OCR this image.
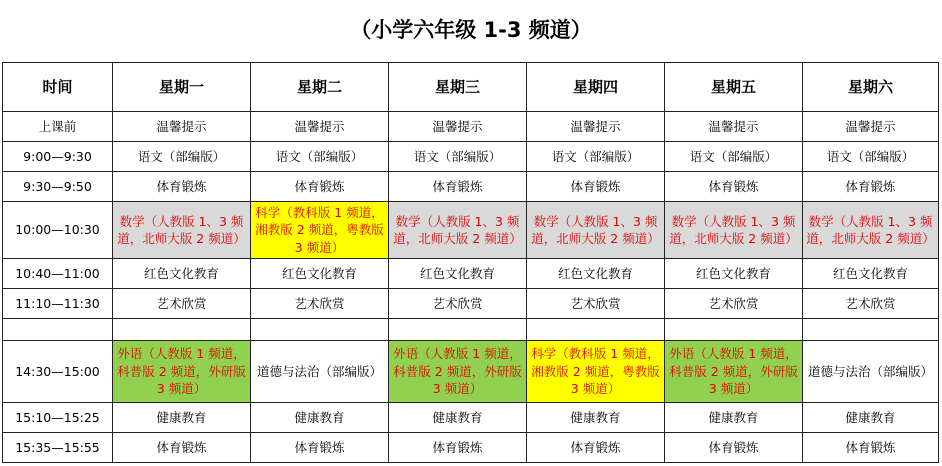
（小学六年级 1-3 频道）
时间	星期一	星期二	星期三	星期四	星期五	星期六
上课前	温馨提示	温馨提示	温馨提示	温馨提示	温馨提示	温馨提示
9:00—9:30	语文（部编版）	语文（部编版）	语文（部编版）	语文（部编版）	语文（部编版）	语文（部编版）
9:30—9:50	体育锻炼	体育锻炼	体育锻炼	体育锻炼	体育锻炼	体育锻炼
10:00—10:30	数学（人教版 1、3 频道，北师大版 2 频道）	科学（教科版 1 频道，湘教版 2 频道，粤教版 3 频道）	数学（人教版 1、3 频道，北师大版 2 频道）	数学（人教版 1、3 频道，北师大版 2 频道）	数学（人教版 1、3 频道，北师大版 2 频道）	数学（人教版 1、3 频道，北师大版 2 频道）
10:40—11:00	红色文化教育	红色文化教育	红色文化教育	红色文化教育	红色文化教育	红色文化教育
11:10—11:30	艺术欣赏	艺术欣赏	艺术欣赏	艺术欣赏	艺术欣赏	艺术欣赏

14:30—15:00	外语（人教版 1 频道，科普版 2 频道，外研版 3 频道）	道德与法治（部编版）	外语（人教版 1 频道，科普版 2 频道，外研版 3 频道）	科学（教科版 1 频道，湘教版 2 频道，粤教版 3 频道）	外语（人教版 1 频道，科普版 2 频道，外研版 3 频道）	道德与法治（部编版）
15:10—15:25	健康教育	健康教育	健康教育	健康教育	健康教育	健康教育
15:35—15:55	体育锻炼	体育锻炼	体育锻炼	体育锻炼	体育锻炼	体育锻炼
